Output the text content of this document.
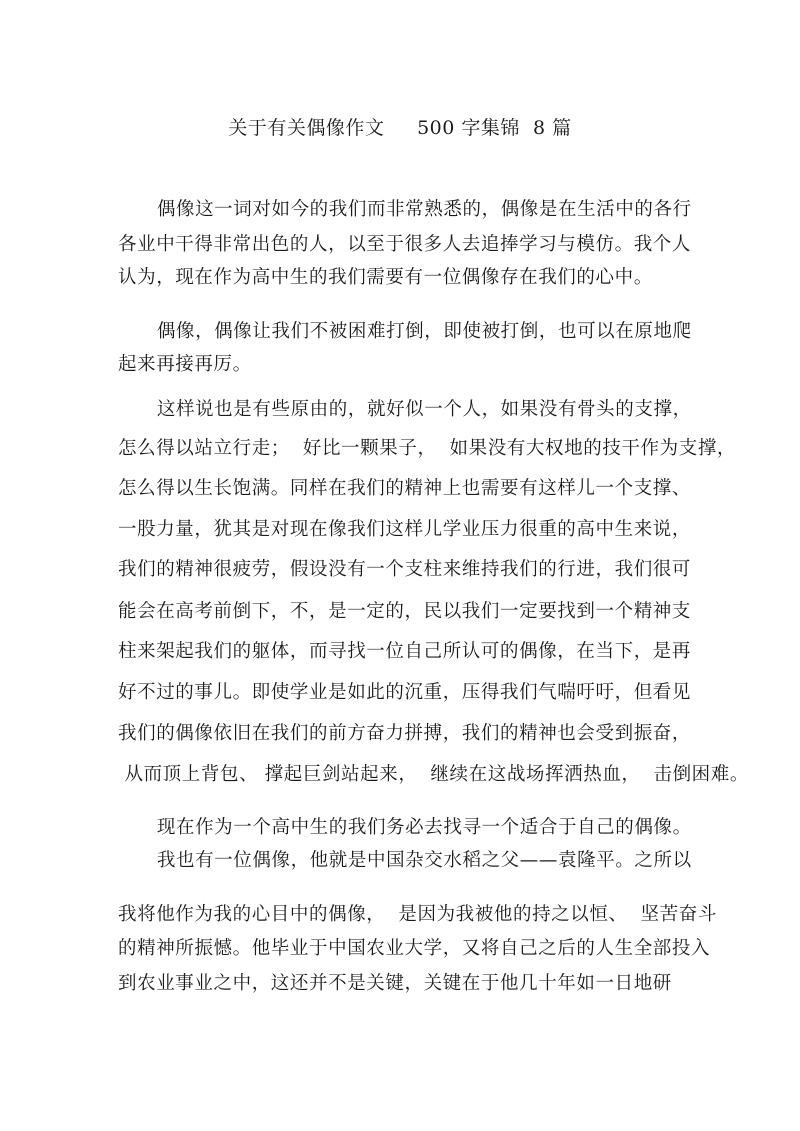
关于有关偶像作文     500 字集锦  8 篇
偶像这一词对如今的我们而非常熟悉的，偶像是在生活中的各行
各业中干得非常出色的人，以至于很多人去追捧学习与模仿。我个人
认为，现在作为高中生的我们需要有一位偶像存在我们的心中。
偶像，偶像让我们不被困难打倒，即使被打倒，也可以在原地爬
起来再接再厉。
这样说也是有些原由的，就好似一个人，如果没有骨头的支撑，
怎么得以站立行走；  好比一颗果子，  如果没有大权地的技干作为支撑，
怎么得以生长饱满。同样在我们的精神上也需要有这样儿一个支撑、
一股力量，犹其是对现在像我们这样儿学业压力很重的高中生来说，
我们的精神很疲劳，假设没有一个支柱来维持我们的行进，我们很可
能会在高考前倒下，不，是一定的，民以我们一定要找到一个精神支
柱来架起我们的躯体，而寻找一位自己所认可的偶像，在当下，是再
好不过的事儿。即使学业是如此的沉重，压得我们气喘吁吁，但看见
我们的偶像依旧在我们的前方奋力拼搏，我们的精神也会受到振奋，
从而顶上背包、 撑起巨剑站起来，  继续在这战场挥洒热血，  击倒困难。
现在作为一个高中生的我们务必去找寻一个适合于自己的偶像。
我也有一位偶像，他就是中国杂交水稻之父——袁隆平。之所以
我将他作为我的心目中的偶像，  是因为我被他的持之以恒、  坚苦奋斗
的精神所振憾。他毕业于中国农业大学，又将自己之后的人生全部投入
到农业事业之中，这还并不是关键，关键在于他几十年如一日地研
